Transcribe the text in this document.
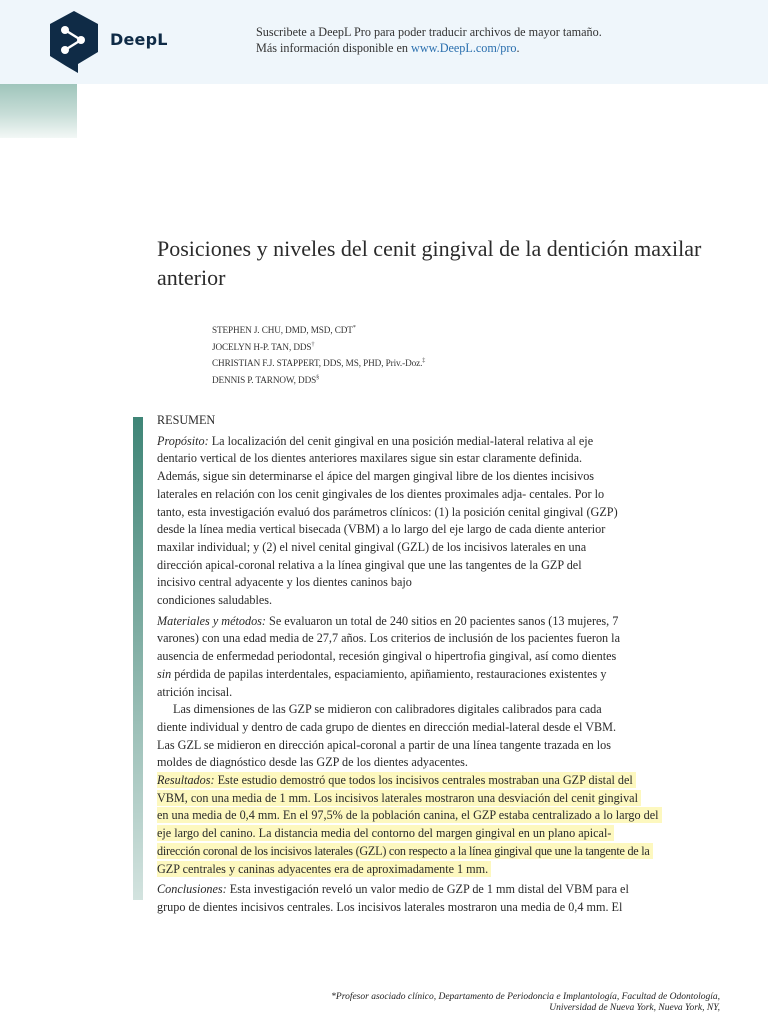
DeepL	Suscribete a DeepL Pro para poder traducir archivos de mayor tamaño.
Más información disponible en www.DeepL.com/pro.
Posiciones y niveles del cenit gingival de la dentición maxilar anterior
STEPHEN J. CHU, DMD, MSD, CDT*
JOCELYN H-P. TAN, DDS†
CHRISTIAN F.J. STAPPERT, DDS, MS, PHD, Priv.-Doz.‡
DENNIS P. TARNOW, DDS§

RESUMEN

Propósito: La localización del cenit gingival en una posición medial-lateral relativa al eje
dentario vertical de los dientes anteriores maxilares sigue sin estar claramente definida.
Además, sigue sin determinarse el ápice del margen gingival libre de los dientes incisivos
laterales en relación con los cenit gingivales de los dientes proximales adja- centales. Por lo
tanto, esta investigación evaluó dos parámetros clínicos: (1) la posición cenital gingival (GZP)
desde la línea media vertical bisecada (VBM) a lo largo del eje largo de cada diente anterior
maxilar individual; y (2) el nivel cenital gingival (GZL) de los incisivos laterales en una
dirección apical-coronal relativa a la línea gingival que une las tangentes de la GZP del
incisivo central adyacente y los dientes caninos bajo
condiciones saludables.

Materiales y métodos: Se evaluaron un total de 240 sitios en 20 pacientes sanos (13 mujeres, 7
varones) con una edad media de 27,7 años. Los criterios de inclusión de los pacientes fueron la
ausencia de enfermedad periodontal, recesión gingival o hipertrofia gingival, así como dientes
sin pérdida de papilas interdentales, espaciamiento, apiñamiento, restauraciones existentes y
atrición incisal.

Las dimensiones de las GZP se midieron con calibradores digitales calibrados para cada
diente individual y dentro de cada grupo de dientes en dirección medial-lateral desde el VBM.
Las GZL se midieron en dirección apical-coronal a partir de una línea tangente trazada en los
moldes de diagnóstico desde las GZP de los dientes adyacentes.

Resultados: Este estudio demostró que todos los incisivos centrales mostraban una GZP distal del
VBM, con una media de 1 mm. Los incisivos laterales mostraron una desviación del cenit gingival
en una media de 0,4 mm. En el 97,5% de la población canina, el GZP estaba centralizado a lo largo del
eje largo del canino. La distancia media del contorno del margen gingival en un plano apical-
dirección coronal de los incisivos laterales (GZL) con respecto a la línea gingival que une la tangente de la
GZP centrales y caninas adyacentes era de aproximadamente 1 mm.

Conclusiones: Esta investigación reveló un valor medio de GZP de 1 mm distal del VBM para el
grupo de dientes incisivos centrales. Los incisivos laterales mostraron una media de 0,4 mm. El

*Profesor asociado clínico, Departamento de Periodoncia e Implantología, Facultad de Odontología,
Universidad de Nueva York, Nueva York, NY,
